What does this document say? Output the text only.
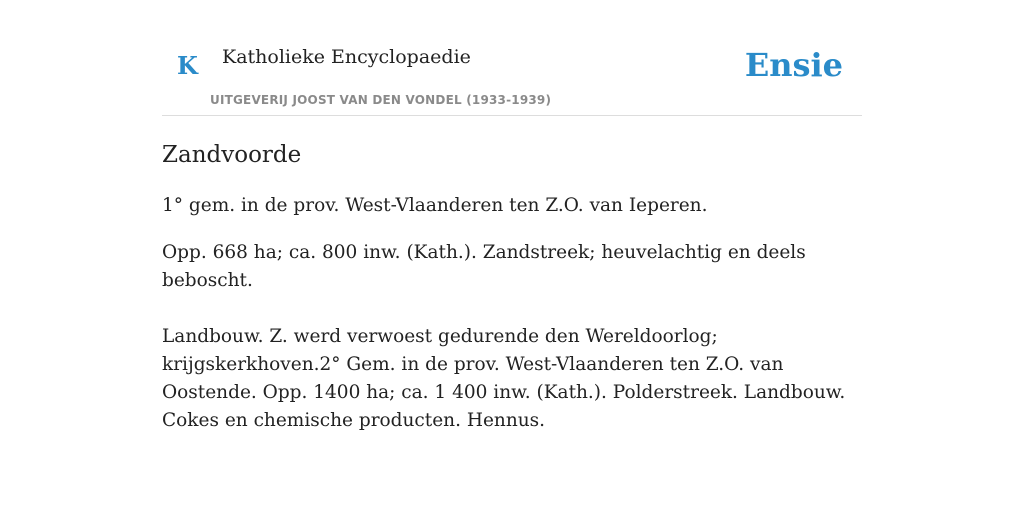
K Katholieke Encyclopaedie
UITGEVERIJ JOOST VAN DEN VONDEL (1933-1939)
Ensie
Zandvoorde

1° gem. in de prov. West-Vlaanderen ten Z.O. van Ieperen.

Opp. 668 ha; ca. 800 inw. (Kath.). Zandstreek; heuvelachtig en deels beboscht.

Landbouw. Z. werd verwoest gedurende den Wereldoorlog; krijgskerkhoven.2° Gem. in de prov. West-Vlaanderen ten Z.O. van Oostende. Opp. 1400 ha; ca. 1 400 inw. (Kath.). Polderstreek. Landbouw. Cokes en chemische producten. Hennus.
